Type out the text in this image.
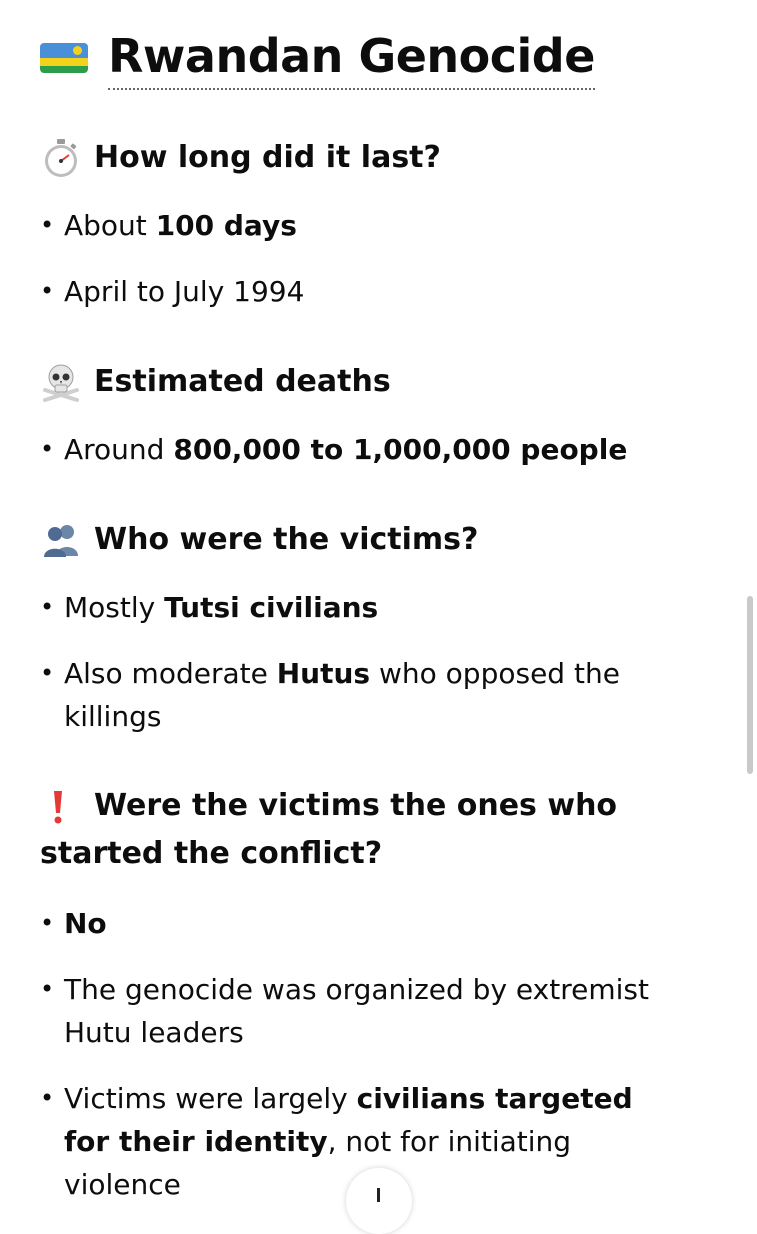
Rwandan Genocide
How long did it last?
• About 100 days
• April to July 1994
Estimated deaths
• Around 800,000 to 1,000,000 people
Who were the victims?
• Mostly Tutsi civilians
• Also moderate Hutus who opposed the killings
Were the victims the ones who started the conflict?
• No
• The genocide was organized by extremist Hutu leaders
• Victims were largely civilians targeted for their identity, not for initiating violence
